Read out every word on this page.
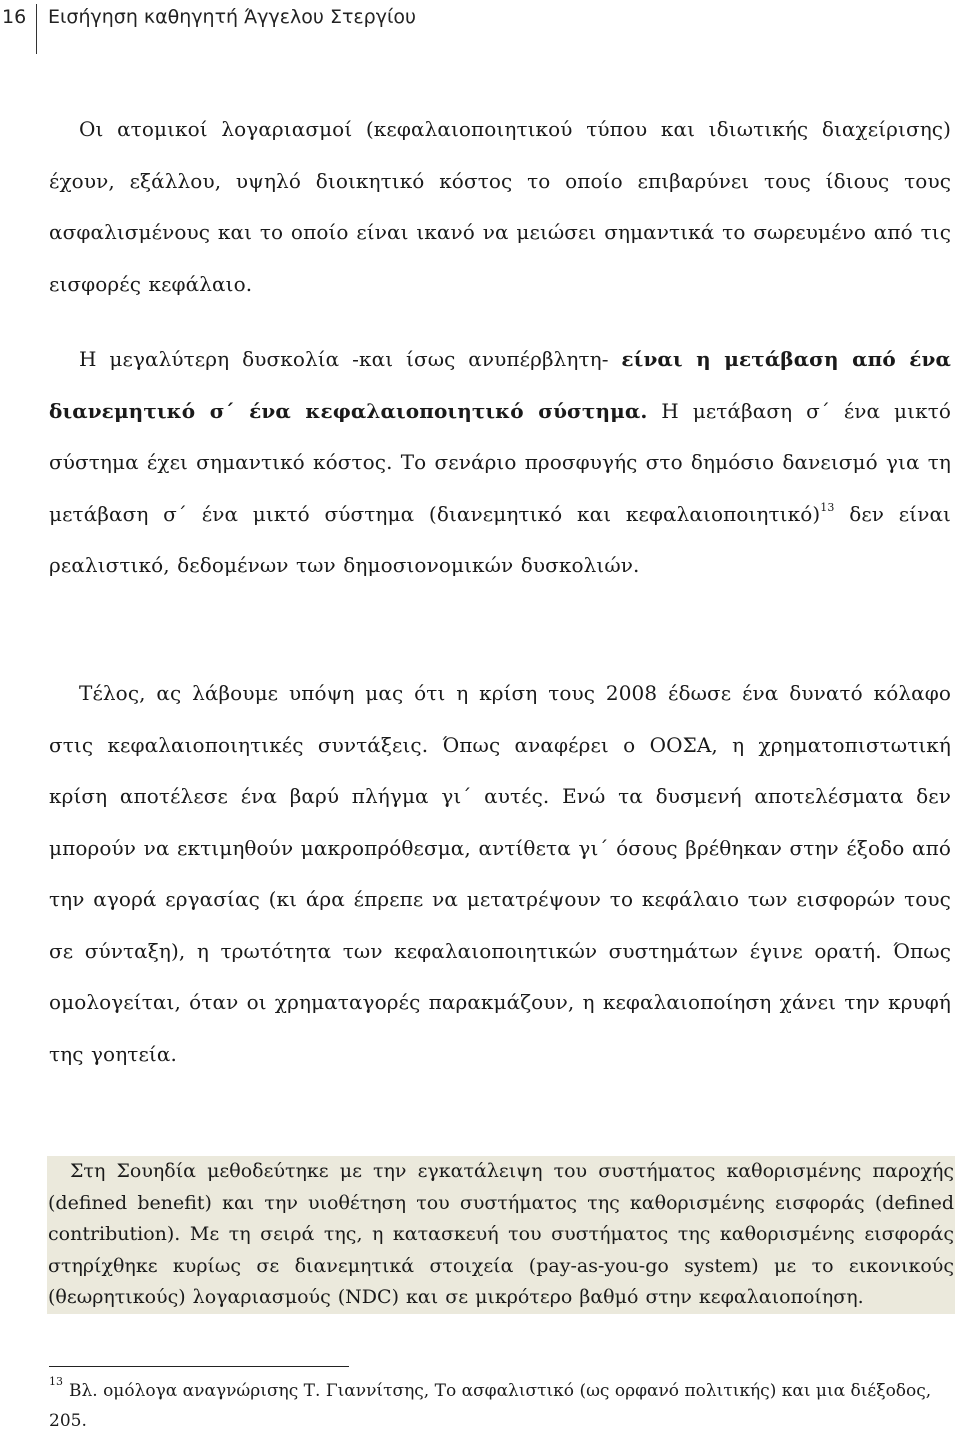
16 Εισήγηση καθηγητή Άγγελου Στεργίου

Οι ατομικοί λογαριασμοί (κεφαλαιοποιητικού τύπου και ιδιωτικής διαχείρισης) έχουν, εξάλλου, υψηλό διοικητικό κόστος το οποίο επιβαρύνει τους ίδιους τους ασφαλισμένους και το οποίο είναι ικανό να μειώσει σημαντικά το σωρευμένο από τις εισφορές κεφάλαιο.

Η μεγαλύτερη δυσκολία -και ίσως ανυπέρβλητη- είναι η μετάβαση από ένα διανεμητικό σ΄ ένα κεφαλαιοποιητικό σύστημα. Η μετάβαση σ΄ ένα μικτό σύστημα έχει σημαντικό κόστος. Το σενάριο προσφυγής στο δημόσιο δανεισμό για τη μετάβαση σ΄ ένα μικτό σύστημα (διανεμητικό και κεφαλαιοποιητικό)$^{13}$ δεν είναι ρεαλιστικό, δεδομένων των δημοσιονομικών δυσκολιών.

Τέλος, ας λάβουμε υπόψη μας ότι η κρίση τους 2008 έδωσε ένα δυνατό κόλαφο στις κεφαλαιοποιητικές συντάξεις. Όπως αναφέρει ο ΟΟΣΑ, η χρηματοπιστωτική κρίση αποτέλεσε ένα βαρύ πλήγμα γι΄ αυτές. Ενώ τα δυσμενή αποτελέσματα δεν μπορούν να εκτιμηθούν μακροπρόθεσμα, αντίθετα γι΄ όσους βρέθηκαν στην έξοδο από την αγορά εργασίας (κι άρα έπρεπε να μετατρέψουν το κεφάλαιο των εισφορών τους σε σύνταξη), η τρωτότητα των κεφαλαιοποιητικών συστημάτων έγινε ορατή. Όπως ομολογείται, όταν οι χρηματαγορές παρακμάζουν, η κεφαλαιοποίηση χάνει την κρυφή της γοητεία.

Στη Σουηδία μεθοδεύτηκε με την εγκατάλειψη του συστήματος καθορισμένης παροχής (defined benefit) και την υιοθέτηση του συστήματος της καθορισμένης εισφοράς (defined contribution). Με τη σειρά της, η κατασκευή του συστήματος της καθορισμένης εισφοράς στηρίχθηκε κυρίως σε διανεμητικά στοιχεία (pay-as-you-go system) με το εικονικούς (θεωρητικούς) λογαριασμούς (NDC) και σε μικρότερο βαθμό στην κεφαλαιοποίηση.

$^{13}$ Βλ. ομόλογα αναγνώρισης Τ. Γιαννίτσης, Το ασφαλιστικό (ως ορφανό πολιτικής) και μια διέξοδος, 205.
